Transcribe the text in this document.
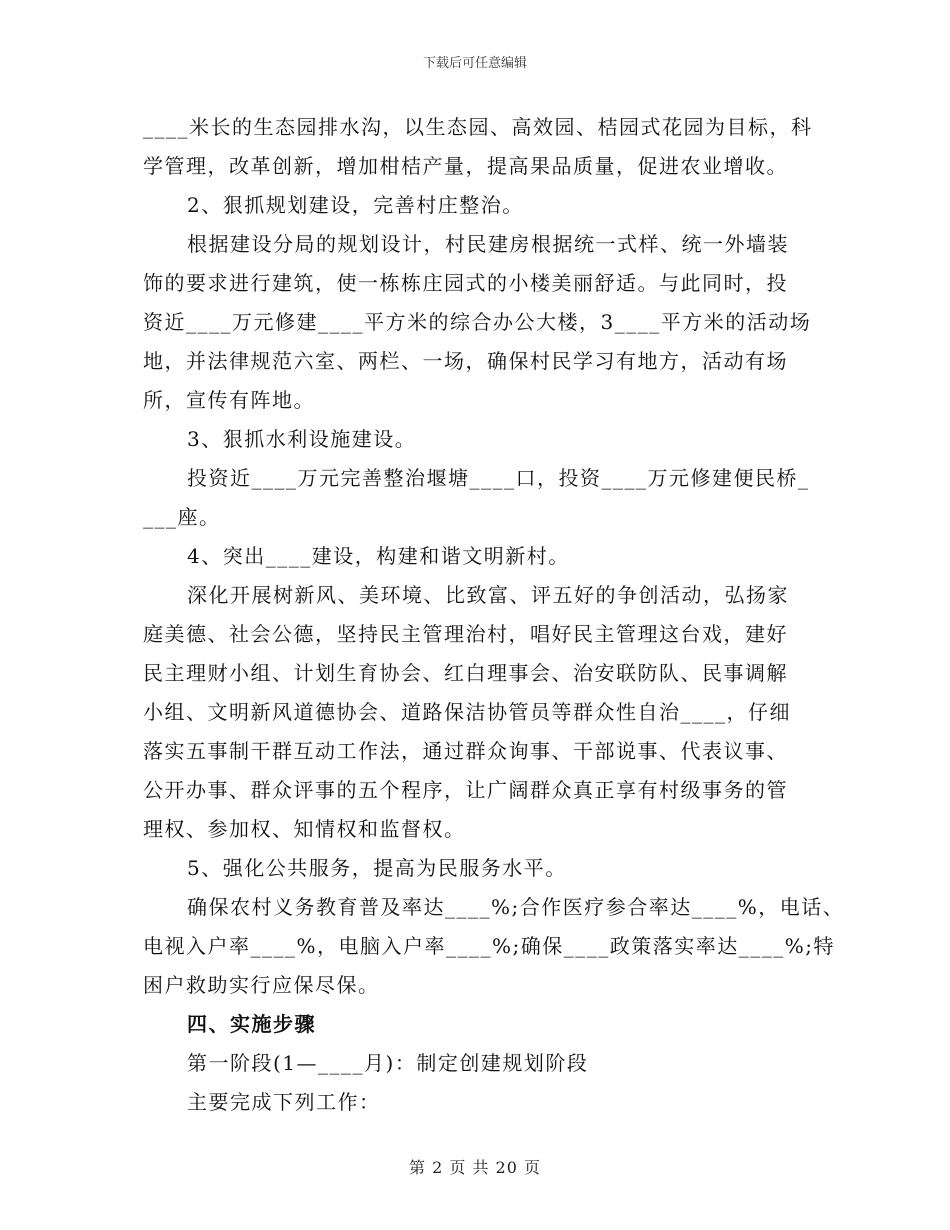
下载后可任意编辑
____米长的生态园排水沟，以生态园、高效园、桔园式花园为目标，科
学管理，改革创新，增加柑桔产量，提高果品质量，促进农业增收。
2、狠抓规划建设，完善村庄整治。
根据建设分局的规划设计，村民建房根据统一式样、统一外墙装
饰的要求进行建筑，使一栋栋庄园式的小楼美丽舒适。与此同时，投
资近____万元修建____平方米的综合办公大楼，3____平方米的活动场
地，并法律规范六室、两栏、一场，确保村民学习有地方，活动有场
所，宣传有阵地。
3、狠抓水利设施建设。
投资近____万元完善整治堰塘____口，投资____万元修建便民桥_
___座。
4、突出____建设，构建和谐文明新村。
深化开展树新风、美环境、比致富、评五好的争创活动，弘扬家
庭美德、社会公德，坚持民主管理治村，唱好民主管理这台戏，建好
民主理财小组、计划生育协会、红白理事会、治安联防队、民事调解
小组、文明新风道德协会、道路保洁协管员等群众性自治____，仔细
落实五事制干群互动工作法，通过群众询事、干部说事、代表议事、
公开办事、群众评事的五个程序，让广阔群众真正享有村级事务的管
理权、参加权、知情权和监督权。
5、强化公共服务，提高为民服务水平。
确保农村义务教育普及率达____%;合作医疗参合率达____%，电话、
电视入户率____%，电脑入户率____%;确保____政策落实率达____%;特
困户救助实行应保尽保。
四、实施步骤
第一阶段(1—____月)：制定创建规划阶段
主要完成下列工作：
第 2 页 共 20 页
